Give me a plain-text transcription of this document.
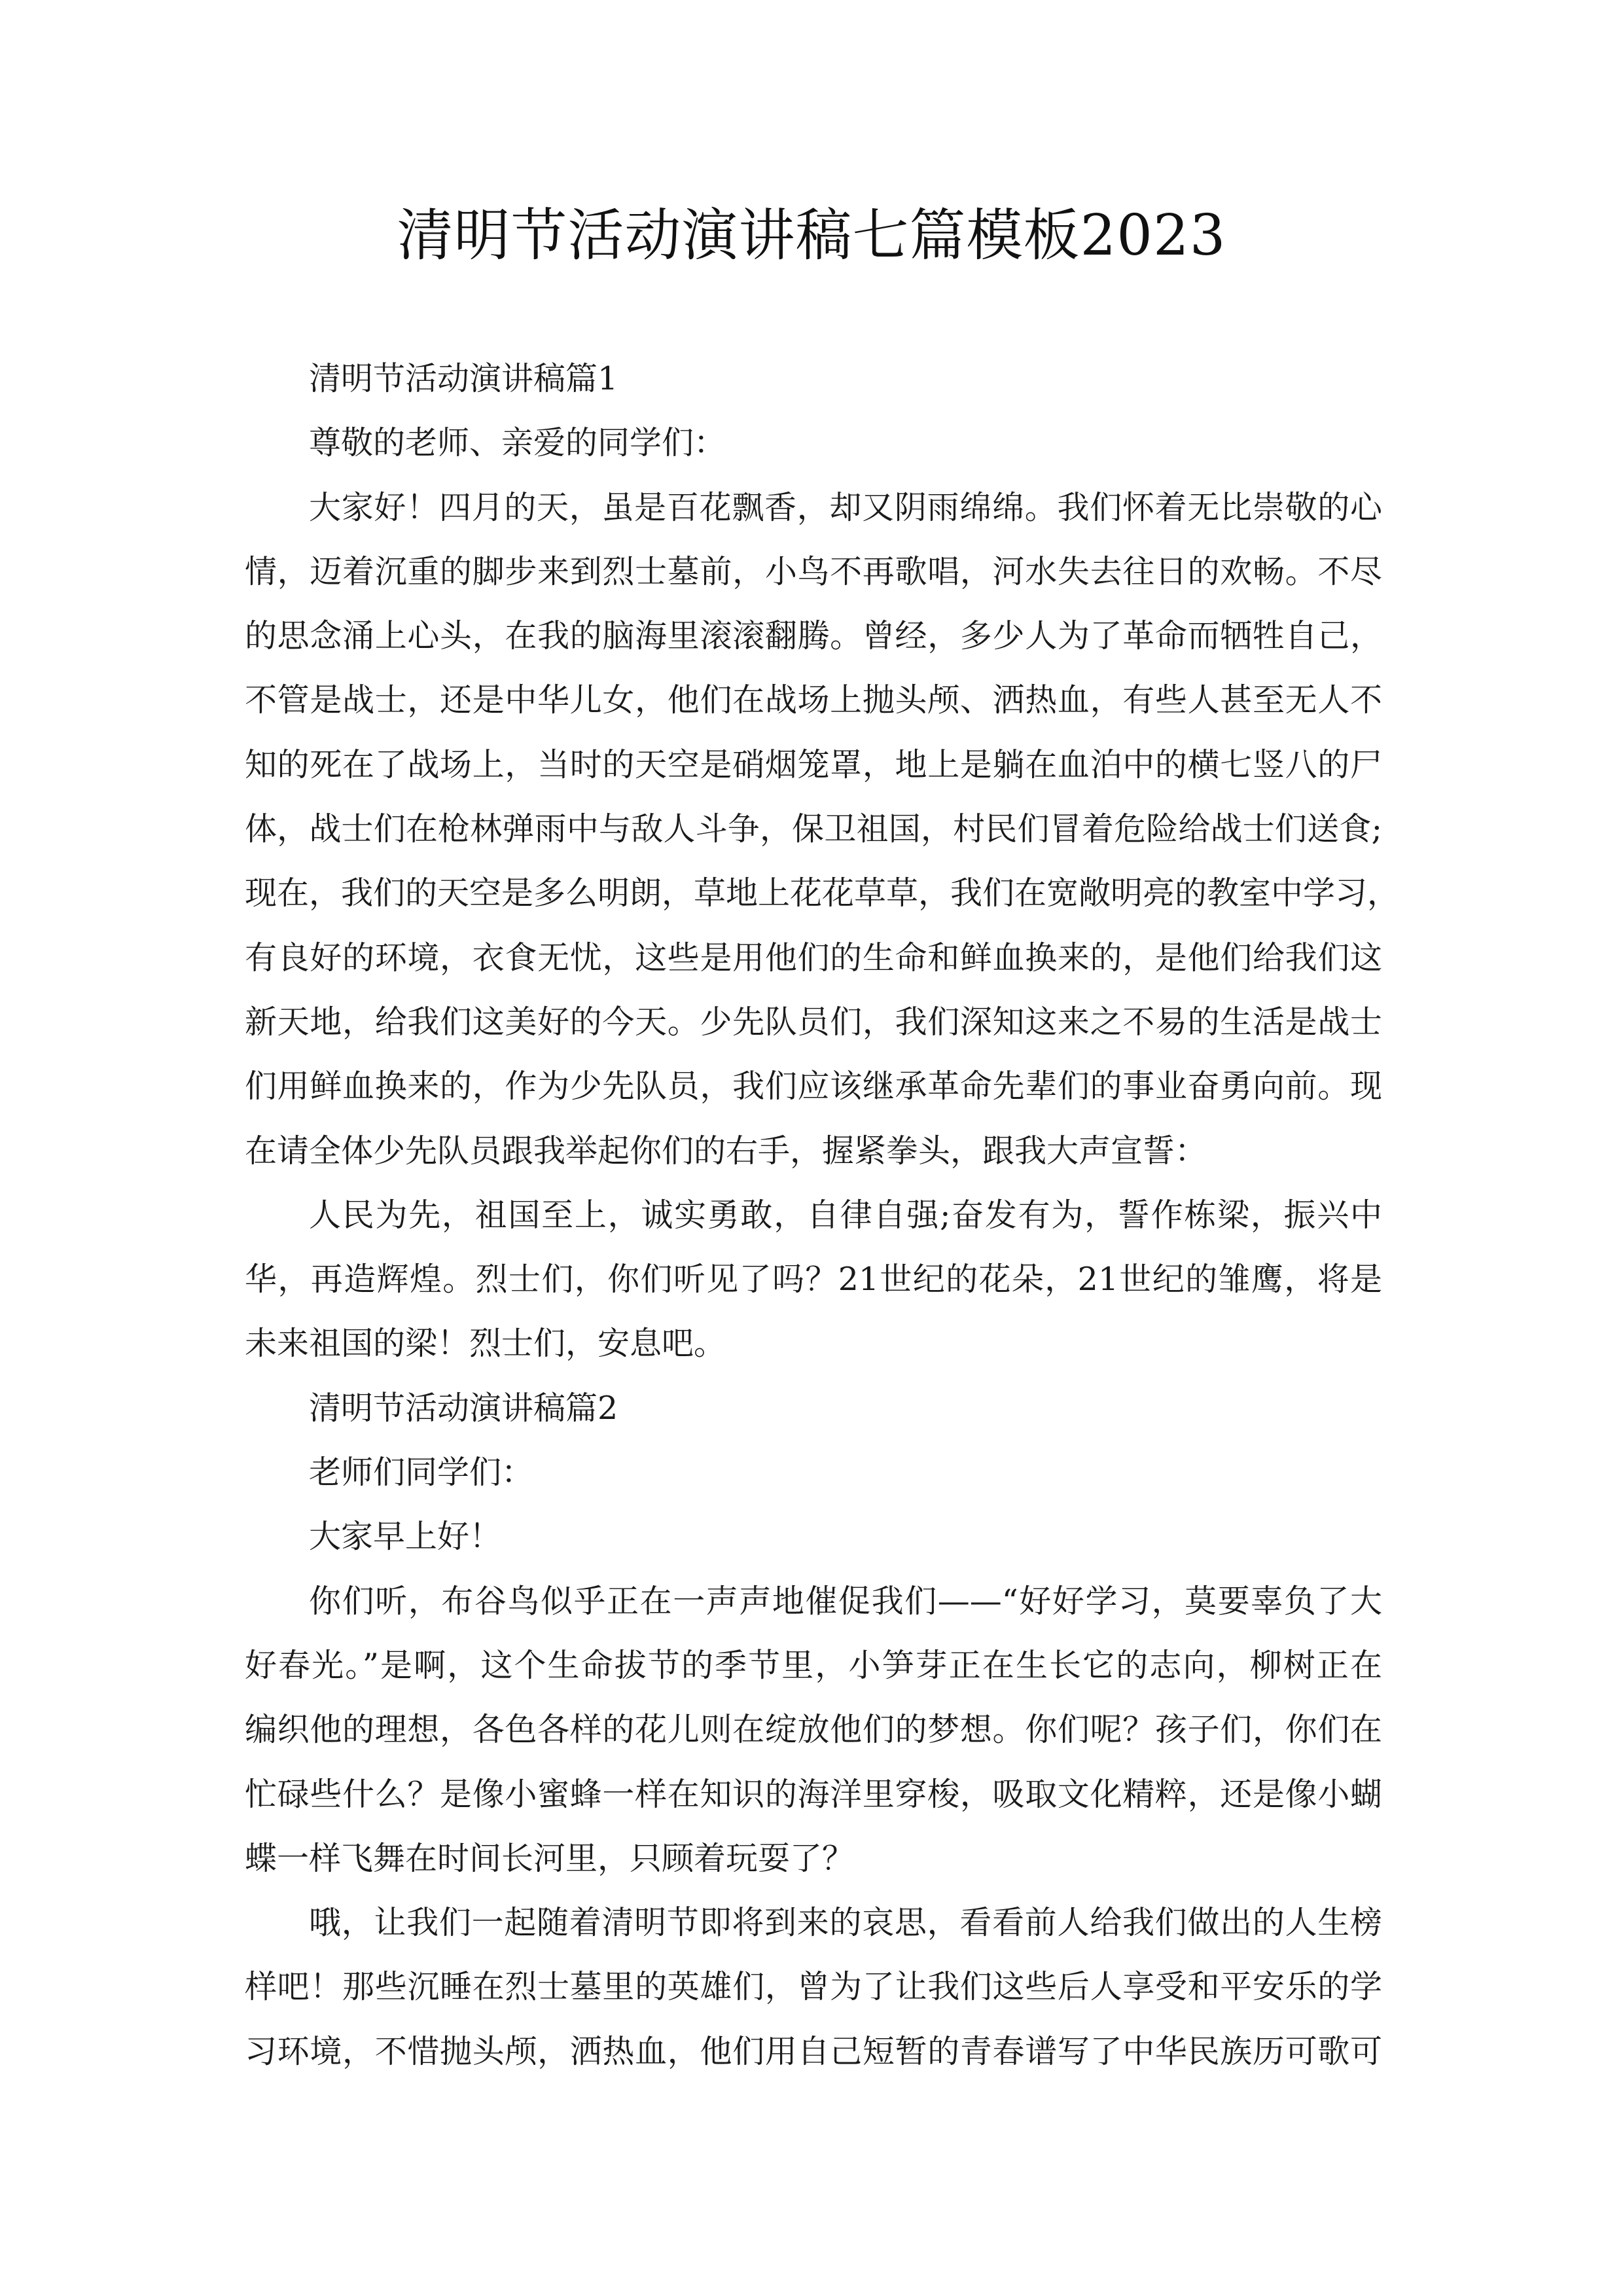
清明节活动演讲稿七篇模板2023
清明节活动演讲稿篇1
尊敬的老师、亲爱的同学们：
大家好！四月的天，虽是百花飘香，却又阴雨绵绵。我们怀着无比崇敬的心
情，迈着沉重的脚步来到烈士墓前，小鸟不再歌唱，河水失去往日的欢畅。不尽
的思念涌上心头，在我的脑海里滚滚翻腾。曾经，多少人为了革命而牺牲自己，
不管是战士，还是中华儿女，他们在战场上抛头颅、洒热血，有些人甚至无人不
知的死在了战场上，当时的天空是硝烟笼罩，地上是躺在血泊中的横七竖八的尸
体，战士们在枪林弹雨中与敌人斗争，保卫祖国，村民们冒着危险给战士们送食;
现在，我们的天空是多么明朗，草地上花花草草，我们在宽敞明亮的教室中学习，
有良好的环境，衣食无忧，这些是用他们的生命和鲜血换来的，是他们给我们这
新天地，给我们这美好的今天。少先队员们，我们深知这来之不易的生活是战士
们用鲜血换来的，作为少先队员，我们应该继承革命先辈们的事业奋勇向前。现
在请全体少先队员跟我举起你们的右手，握紧拳头，跟我大声宣誓：
人民为先，祖国至上，诚实勇敢，自律自强;奋发有为，誓作栋梁，振兴中
华，再造辉煌。烈士们，你们听见了吗？21世纪的花朵，21世纪的雏鹰，将是
未来祖国的梁！烈士们，安息吧。
清明节活动演讲稿篇2
老师们同学们：
大家早上好！
你们听，布谷鸟似乎正在一声声地催促我们——“好好学习，莫要辜负了大
好春光。”是啊，这个生命拔节的季节里，小笋芽正在生长它的志向，柳树正在
编织他的理想，各色各样的花儿则在绽放他们的梦想。你们呢？孩子们，你们在
忙碌些什么？是像小蜜蜂一样在知识的海洋里穿梭，吸取文化精粹，还是像小蝴
蝶一样飞舞在时间长河里，只顾着玩耍了？
哦，让我们一起随着清明节即将到来的哀思，看看前人给我们做出的人生榜
样吧！那些沉睡在烈士墓里的英雄们，曾为了让我们这些后人享受和平安乐的学
习环境，不惜抛头颅，洒热血，他们用自己短暂的青春谱写了中华民族历可歌可
